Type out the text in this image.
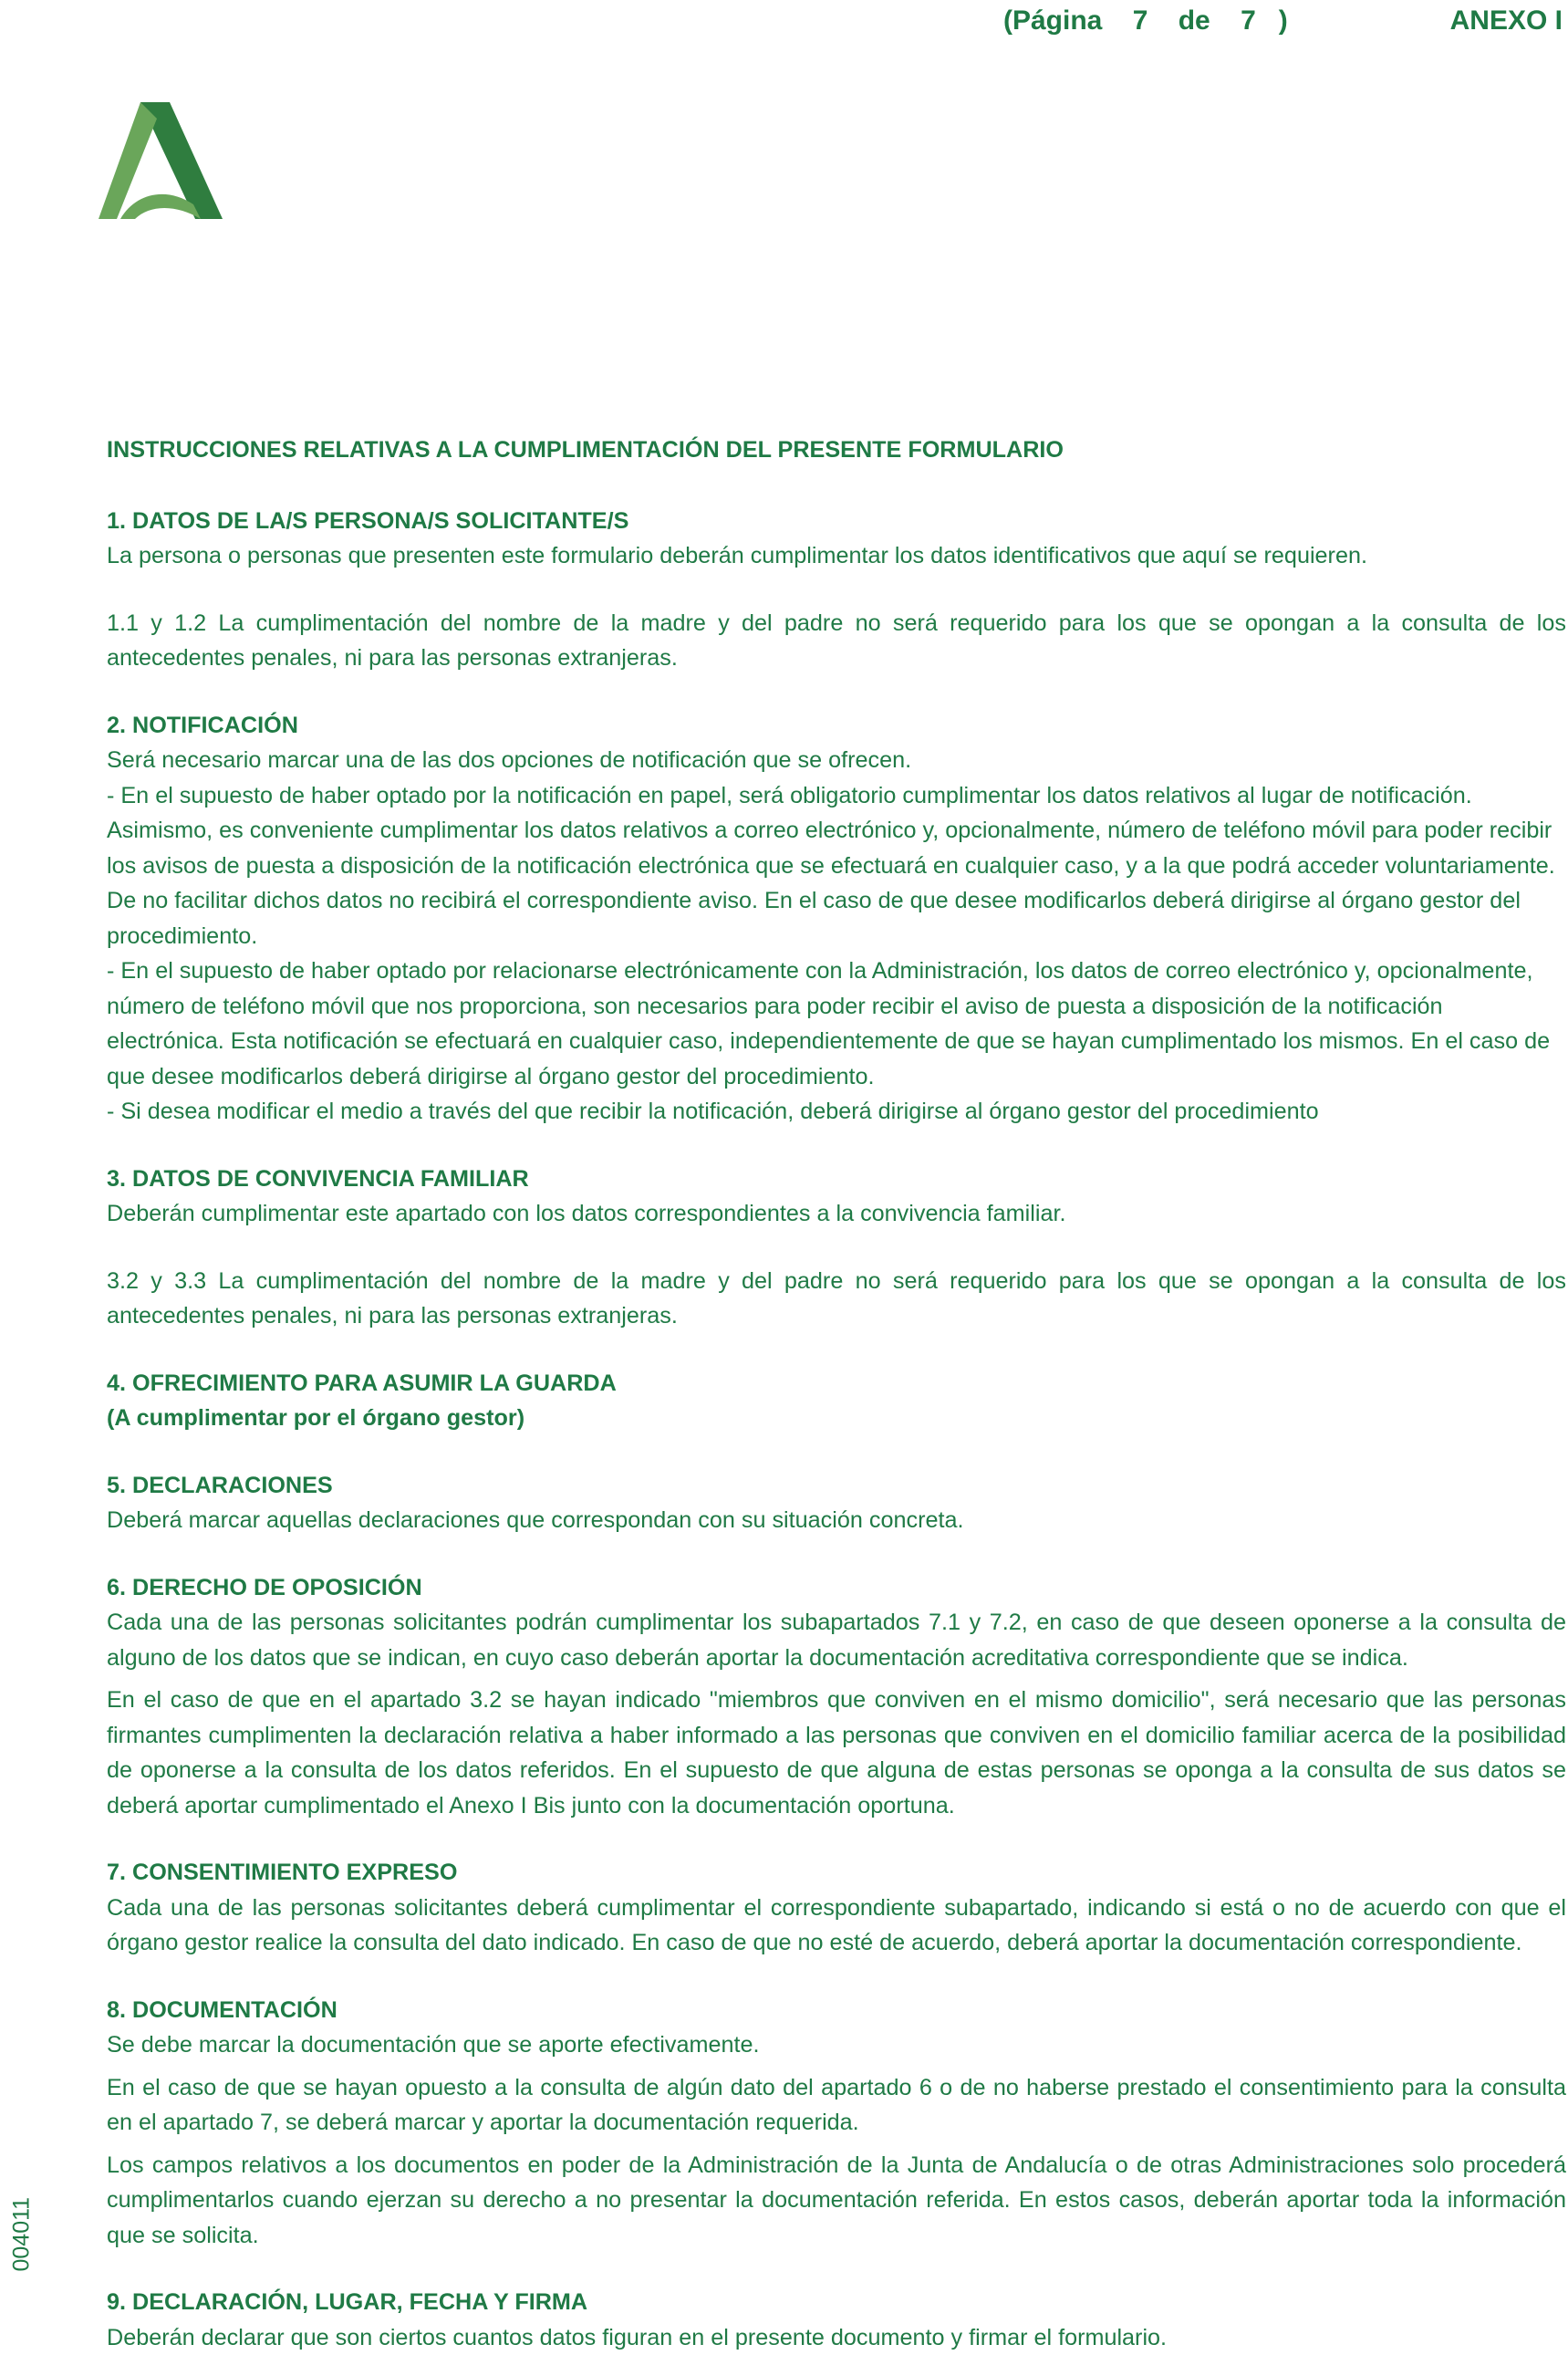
(Página    7    de    7   )	ANEXO I
004011

INSTRUCCIONES RELATIVAS A LA CUMPLIMENTACIÓN DEL PRESENTE FORMULARIO

1. DATOS DE LA/S PERSONA/S SOLICITANTE/S

La persona o personas que presenten este formulario deberán cumplimentar los datos identificativos que aquí se requieren.

1.1 y 1.2 La cumplimentación del nombre de la madre y del padre no será requerido para los que se opongan a la consulta de los antecedentes penales, ni para las personas extranjeras.

2. NOTIFICACIÓN

Será necesario marcar una de las dos opciones de notificación que se ofrecen.

- En el supuesto de haber optado por la notificación en papel, será obligatorio cumplimentar los datos relativos al lugar de notificación. Asimismo, es conveniente cumplimentar los datos relativos a correo electrónico y, opcionalmente, número de teléfono móvil para poder recibir los avisos de puesta a disposición de la notificación electrónica que se efectuará en cualquier caso, y a la que podrá acceder voluntariamente. De no facilitar dichos datos no recibirá el correspondiente aviso. En el caso de que desee modificarlos deberá dirigirse al órgano gestor del procedimiento.

- En el supuesto de haber optado por relacionarse electrónicamente con la Administración, los datos de correo electrónico y, opcionalmente, número de teléfono móvil que nos proporciona, son necesarios para poder recibir el aviso de puesta a disposición de la notificación electrónica. Esta notificación se efectuará en cualquier caso, independientemente de que se hayan cumplimentado los mismos. En el caso de que desee modificarlos deberá dirigirse al órgano gestor del procedimiento.

- Si desea modificar el medio a través del que recibir la notificación, deberá dirigirse al órgano gestor del procedimiento

3. DATOS DE CONVIVENCIA FAMILIAR

Deberán cumplimentar este apartado con los datos correspondientes a la convivencia familiar.

3.2 y 3.3 La cumplimentación del nombre de la madre y del padre no será requerido para los que se opongan a la consulta de los antecedentes penales, ni para las personas extranjeras.

4. OFRECIMIENTO PARA ASUMIR LA GUARDA

(A cumplimentar por el órgano gestor)

5. DECLARACIONES

Deberá marcar aquellas declaraciones que correspondan con su situación concreta.

6. DERECHO DE OPOSICIÓN

Cada una de las personas solicitantes podrán cumplimentar los subapartados 7.1 y 7.2, en caso de que deseen oponerse a la consulta de alguno de los datos que se indican, en cuyo caso deberán aportar la documentación acreditativa correspondiente que se indica.

En el caso de que en el apartado 3.2 se hayan indicado "miembros que conviven en el mismo domicilio", será necesario que las personas firmantes cumplimenten la declaración relativa a haber informado a las personas que conviven en el domicilio familiar acerca de la posibilidad de oponerse a la consulta de los datos referidos. En el supuesto de que alguna de estas personas se oponga a la consulta de sus datos se deberá aportar cumplimentado el Anexo I Bis junto con la documentación oportuna.

7. CONSENTIMIENTO EXPRESO

Cada una de las personas solicitantes deberá cumplimentar el correspondiente subapartado, indicando si está o no de acuerdo con que el órgano gestor realice la consulta del dato indicado. En caso de que no esté de acuerdo, deberá aportar la documentación correspondiente.

8. DOCUMENTACIÓN

Se debe marcar la documentación que se aporte efectivamente.

En el caso de que se hayan opuesto a la consulta de algún dato del apartado 6 o de no haberse prestado el consentimiento para la consulta en el apartado 7, se deberá marcar y aportar la documentación requerida.

Los campos relativos a los documentos en poder de la Administración de la Junta de Andalucía o de otras Administraciones solo procederá cumplimentarlos cuando ejerzan su derecho a no presentar la documentación referida. En estos casos, deberán aportar toda la información que se solicita.

9. DECLARACIÓN, LUGAR, FECHA Y FIRMA

Deberán declarar que son ciertos cuantos datos figuran en el presente documento y firmar el formulario.
